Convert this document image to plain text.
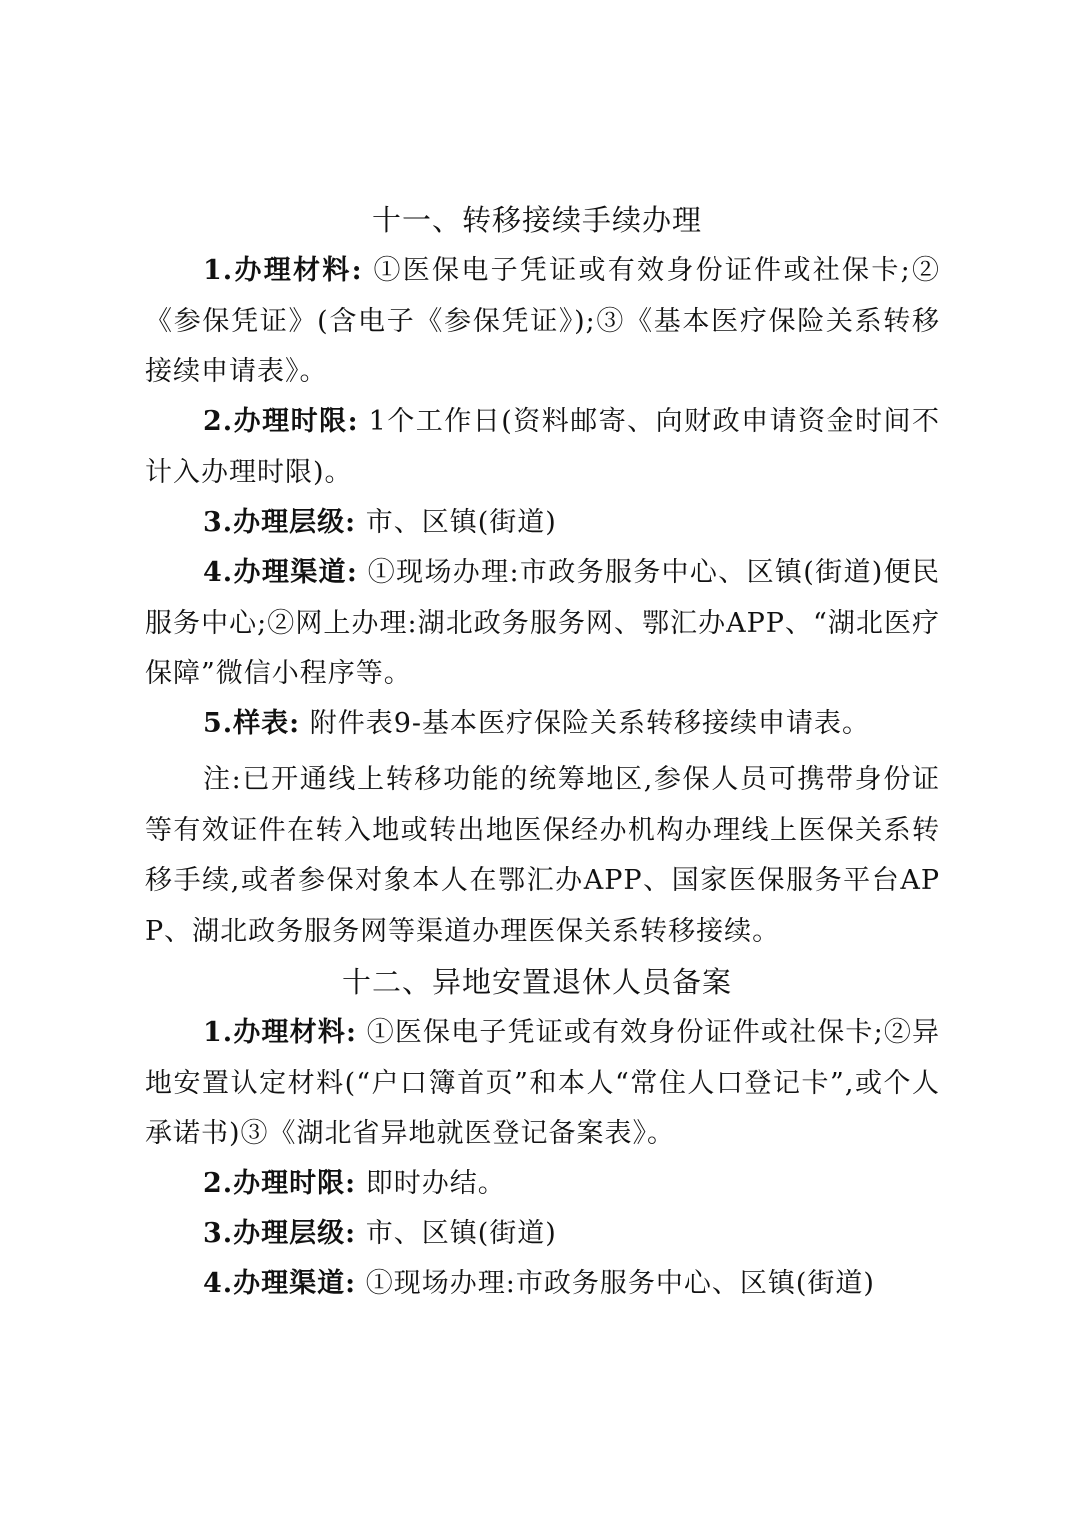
十一、转移接续手续办理
1.办理材料: ①医保电子凭证或有效身份证件或社保卡;②《参保凭证》(含电子《参保凭证》);③《基本医疗保险关系转移接续申请表》。
2.办理时限: 1个工作日(资料邮寄、向财政申请资金时间不计入办理时限)。
3.办理层级: 市、区镇(街道)
4.办理渠道: ①现场办理:市政务服务中心、区镇(街道)便民服务中心;②网上办理:湖北政务服务网、鄂汇办APP、“湖北医疗保障”微信小程序等。
5.样表: 附件表9-基本医疗保险关系转移接续申请表。
注:已开通线上转移功能的统筹地区,参保人员可携带身份证等有效证件在转入地或转出地医保经办机构办理线上医保关系转移手续,或者参保对象本人在鄂汇办APP、国家医保服务平台APP、湖北政务服务网等渠道办理医保关系转移接续。
十二、异地安置退休人员备案
1.办理材料: ①医保电子凭证或有效身份证件或社保卡;②异地安置认定材料(“户口簿首页”和本人“常住人口登记卡”,或个人承诺书)③《湖北省异地就医登记备案表》。
2.办理时限: 即时办结。
3.办理层级: 市、区镇(街道)
4.办理渠道: ①现场办理:市政务服务中心、区镇(街道)
